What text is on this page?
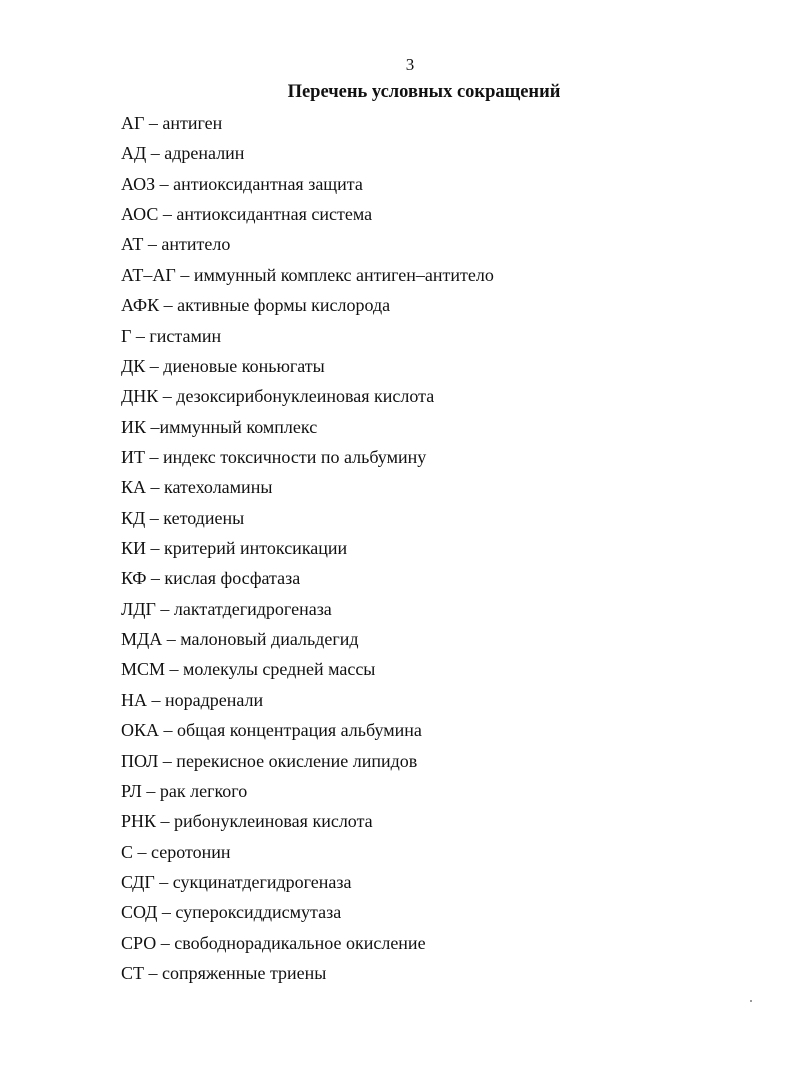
3
Перечень условных сокращений
АГ – антиген
АД – адреналин
АОЗ – антиоксидантная защита
АОС – антиоксидантная система
АТ – антитело
АТ–АГ – иммунный комплекс антиген–антитело
АФК – активные формы кислорода
Г – гистамин
ДК – диеновые коньюгаты
ДНК – дезоксирибонуклеиновая кислота
ИК –иммунный комплекс
ИТ – индекс токсичности по альбумину
КА – катехоламины
КД – кетодиены
КИ – критерий интоксикации
КФ – кислая фосфатаза
ЛДГ – лактатдегидрогеназа
МДА – малоновый диальдегид
МСМ – молекулы средней массы
НА – норадренали
ОКА – общая концентрация альбумина
ПОЛ – перекисное окисление липидов
РЛ – рак легкого
РНК – рибонуклеиновая кислота
С – серотонин
СДГ – сукцинатдегидрогеназа
СОД – супероксиддисмутаза
СРО – свободнорадикальное окисление
СТ – сопряженные триены
